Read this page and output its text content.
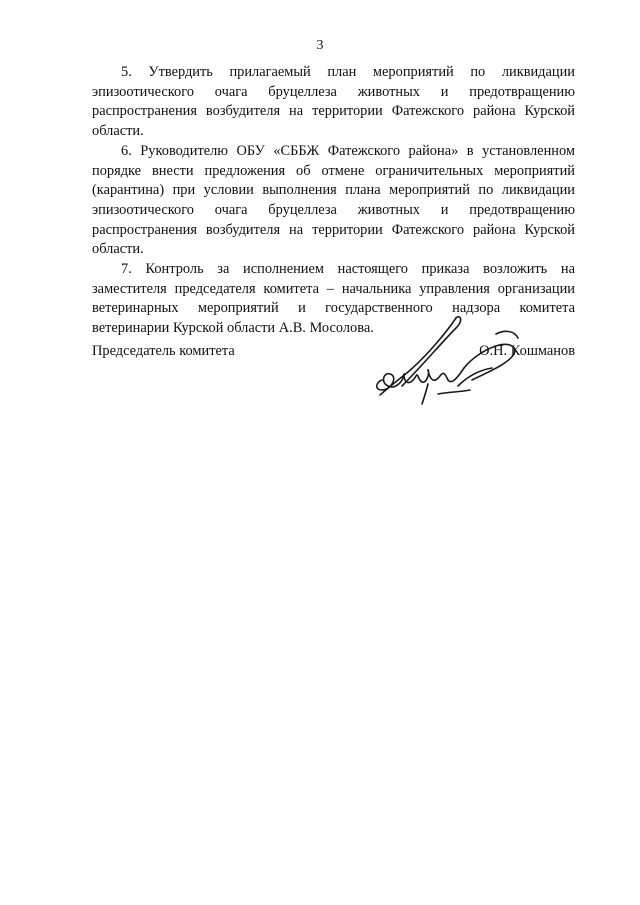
3

5. Утвердить прилагаемый план мероприятий по ликвидации эпизоотического очага бруцеллеза животных и предотвращению распространения возбудителя на территории Фатежского района Курской области.

6. Руководителю ОБУ «СББЖ Фатежского района» в установленном порядке внести предложения об отмене ограничительных мероприятий (карантина) при условии выполнения плана мероприятий по ликвидации эпизоотического очага бруцеллеза животных и предотвращению распространения возбудителя на территории Фатежского района Курской области.

7. Контроль за исполнением настоящего приказа возложить на заместителя председателя комитета – начальника управления организации ветеринарных мероприятий и государственного надзора комитета ветеринарии Курской области А.В. Мосолова.

Председатель комитета	О.Н. Кошманов
